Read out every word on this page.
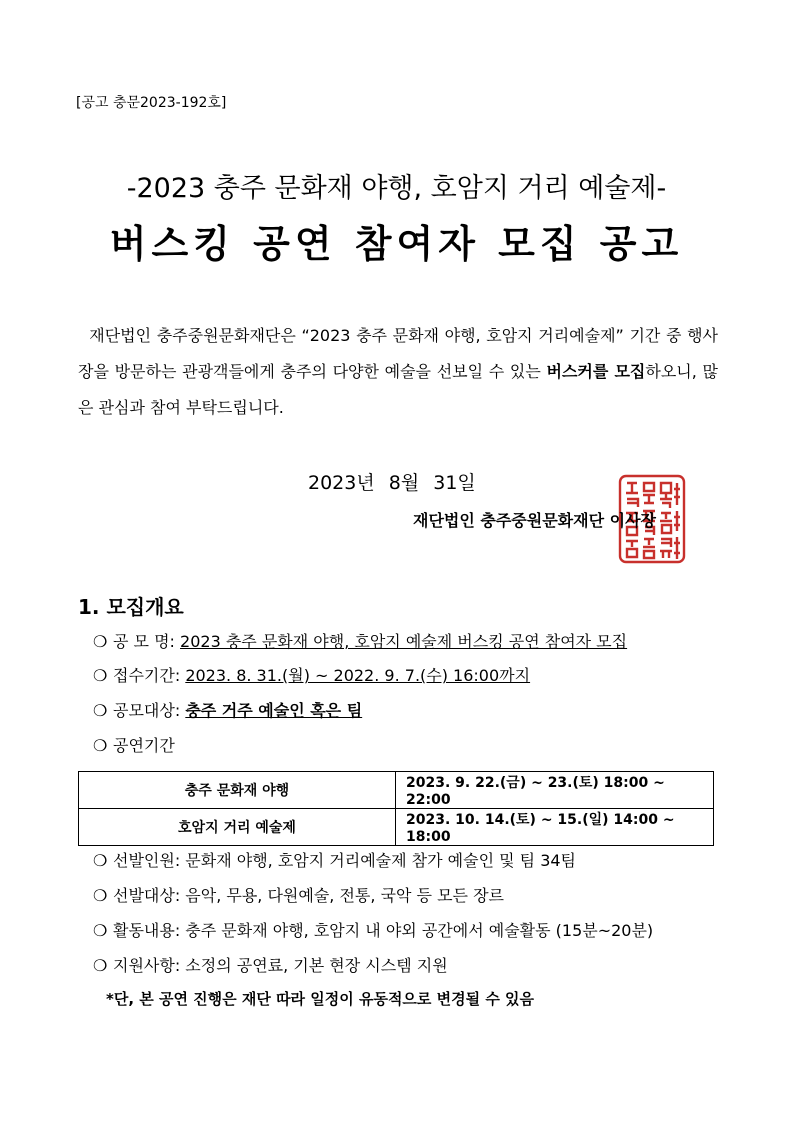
[공고 충문2023-192호]
-2023 충주 문화재 야행, 호암지 거리 예술제-
버스킹 공연 참여자 모집 공고
재단법인 충주중원문화재단은 “2023 충주 문화재 야행, 호암지 거리예술제” 기간 중 행사장을 방문하는 관광객들에게 충주의 다양한 예술을 선보일 수 있는 버스커를 모집하오니, 많은 관심과 참여 부탁드립니다.
2023년 8월 31일
재단법인 충주중원문화재단 이사장
1. 모집개요
❍ 공 모 명: 2023 충주 문화재 야행, 호암지 예술제 버스킹 공연 참여자 모집
❍ 접수기간: 2023. 8. 31.(월) ~ 2022. 9. 7.(수) 16:00까지
❍ 공모대상: 충주 거주 예술인 혹은 팀
❍ 공연기간
충주 문화재 야행	2023. 9. 22.(금) ~ 23.(토) 18:00 ~ 22:00
호암지 거리 예술제	2023. 10. 14.(토) ~ 15.(일) 14:00 ~ 18:00
❍ 선발인원: 문화재 야행, 호암지 거리예술제 참가 예술인 및 팀 34팀
❍ 선발대상: 음악, 무용, 다원예술, 전통, 국악 등 모든 장르
❍ 활동내용: 충주 문화재 야행, 호암지 내 야외 공간에서 예술활동 (15분~20분)
❍ 지원사항: 소정의 공연료, 기본 현장 시스템 지원
*단, 본 공연 진행은 재단 따라 일정이 유동적으로 변경될 수 있음
